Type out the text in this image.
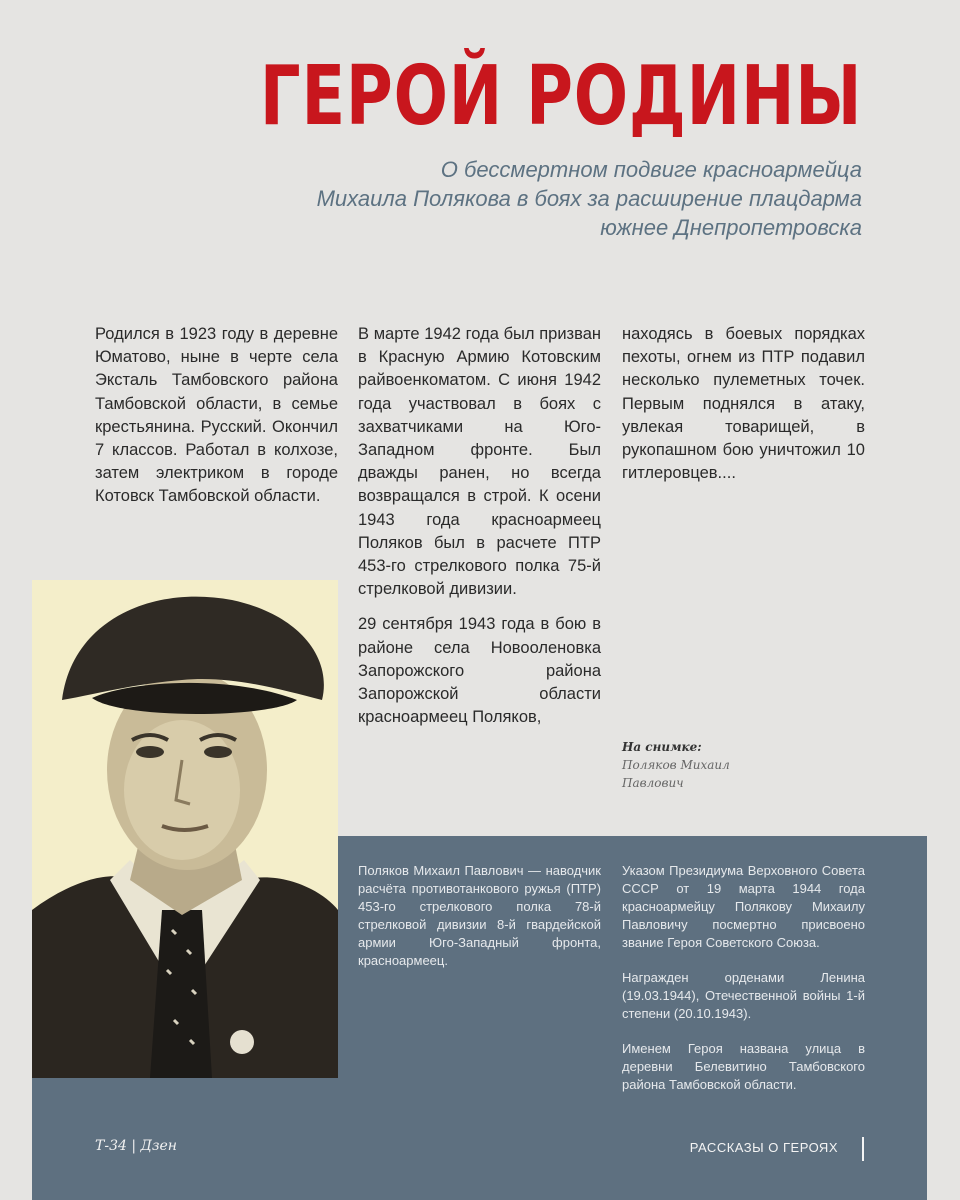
ГЕРОЙ РОДИНЫ
О бессмертном подвиге красноармейца
Михаила Полякова в боях за расширение плацдарма
южнее Днепропетровска

Родился в 1923 году в деревне Юматово, ныне в черте села Эксталь Тамбовского района Тамбовской области, в семье крестьянина. Русский. Окончил 7 классов. Работал в колхозе, затем электриком в городе Котовск Тамбовской области.

В марте 1942 года был призван в Красную Армию Котовским райвоенкоматом. С июня 1942 года участвовал в боях с захватчиками на Юго-Западном фронте. Был дважды ранен, но всегда возвращался в строй. К осени 1943 года красноармеец Поляков был в расчете ПТР 453-го стрелкового полка 75-й стрелковой дивизии.

29 сентября 1943 года в бою в районе села Новооленовка Запорожского района Запорожской области красноармеец Поляков,

находясь в боевых порядках пехоты, огнем из ПТР подавил несколько пулеметных точек. Первым поднялся в атаку, увлекая товарищей, в рукопашном бою уничтожил 10 гитлеровцев....

На снимке:
Поляков Михаил Павлович

Поляков Михаил Павлович — наводчик расчёта противотанкового ружья (ПТР) 453-го стрелкового полка 78-й стрелковой дивизии 8-й гвардейской армии Юго-Западный фронта, красноармеец.

Указом Президиума Верховного Совета СССР от 19 марта 1944 года красноармейцу Полякову Михаилу Павловичу посмертно присвоено звание Героя Советского Союза.

Награжден орденами Ленина (19.03.1944), Отечественной войны 1-й степени (20.10.1943).

Именем Героя названа улица в деревни Белевитино Тамбовского района Тамбовской области.

Т-34 | Дзен	РАССКАЗЫ О ГЕРОЯХ
